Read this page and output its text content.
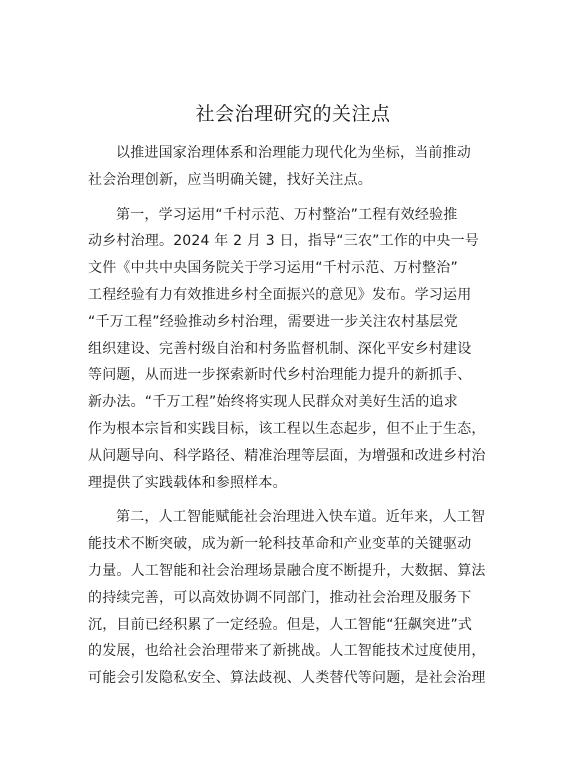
社会治理研究的关注点

以推进国家治理体系和治理能力现代化为坐标，当前推动
社会治理创新，应当明确关键，找好关注点。

第一，学习运用“千村示范、万村整治”工程有效经验推
动乡村治理。2024 年 2 月 3 日，指导“三农”工作的中央一号
文件《中共中央国务院关于学习运用“千村示范、万村整治”
工程经验有力有效推进乡村全面振兴的意见》发布。学习运用
“千万工程”经验推动乡村治理，需要进一步关注农村基层党
组织建设、完善村级自治和村务监督机制、深化平安乡村建设
等问题，从而进一步探索新时代乡村治理能力提升的新抓手、
新办法。“千万工程”始终将实现人民群众对美好生活的追求
作为根本宗旨和实践目标，该工程以生态起步，但不止于生态，
从问题导向、科学路径、精准治理等层面，为增强和改进乡村治
理提供了实践载体和参照样本。

第二，人工智能赋能社会治理进入快车道。近年来，人工智
能技术不断突破，成为新一轮科技革命和产业变革的关键驱动
力量。人工智能和社会治理场景融合度不断提升，大数据、算法
的持续完善，可以高效协调不同部门，推动社会治理及服务下
沉，目前已经积累了一定经验。但是，人工智能“狂飙突进”式
的发展，也给社会治理带来了新挑战。人工智能技术过度使用，
可能会引发隐私安全、算法歧视、人类替代等问题，是社会治理
